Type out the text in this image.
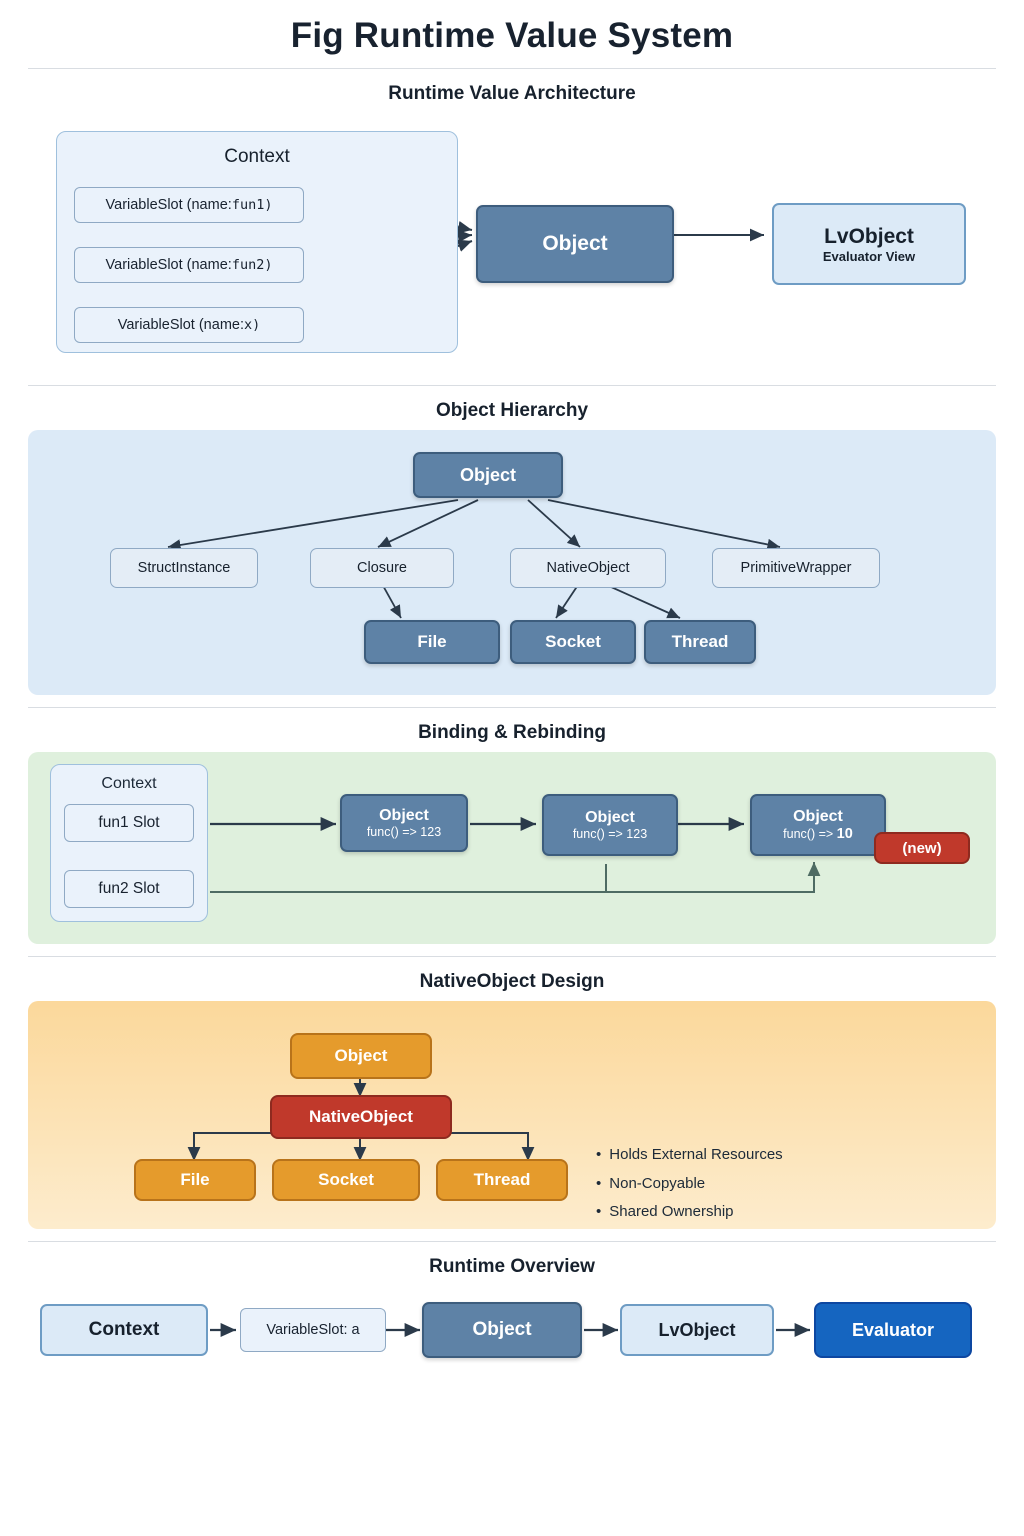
Fig Runtime Value System
Runtime Value Architecture
Context
VariableSlot (name: fun1 )
VariableSlot (name: fun2 )
VariableSlot (name: x )
Object	LvObject
Evaluator View
Object Hierarchy
Object
StructInstance	Closure	NativeObject	PrimitiveWrapper
File	Socket	Thread
Binding & Rebinding
Context
fun1 Slot
fun2 Slot
Object
func() => 123
Object
func() => 123
Object
func() => 10
(new)
NativeObject Design
Object
NativeObject
File	Socket	Thread
• Holds External Resources
• Non-Copyable
• Shared Ownership
Runtime Overview
Context	VariableSlot: a	Object	LvObject	Evaluator
